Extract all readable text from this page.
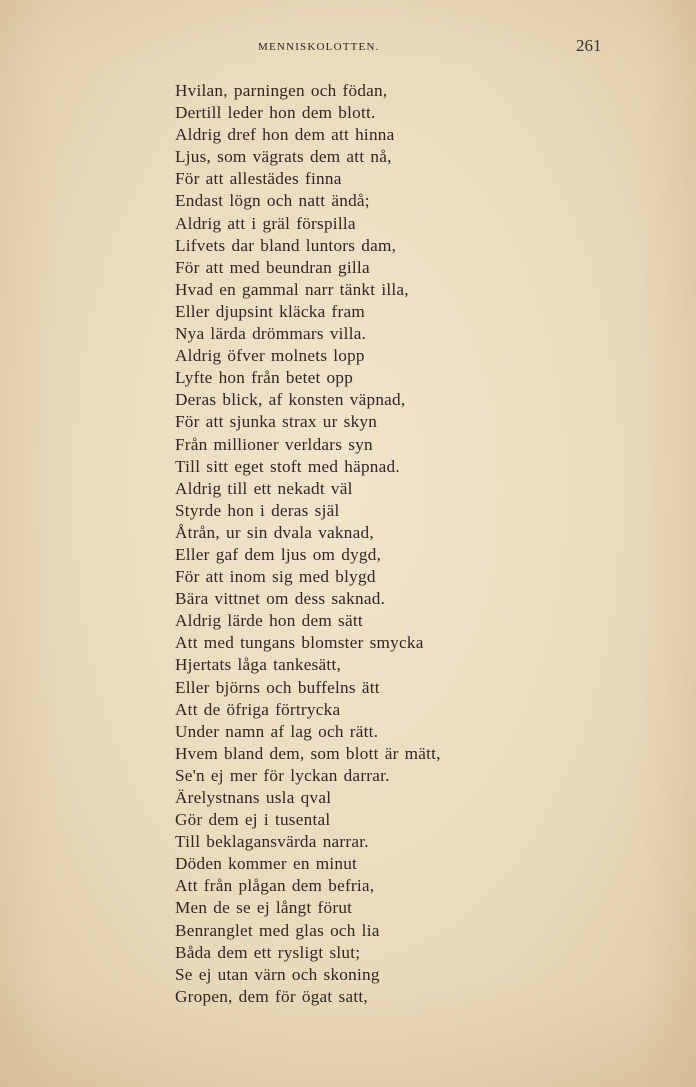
MENNISKOLOTTEN.	261
Hvilan, parningen och födan,
Dertill leder hon dem blott.
Aldrig dref hon dem att hinna
Ljus, som vägrats dem att nå,
För att allestädes finna
Endast lögn och natt ändå;
Aldrig att i gräl förspilla
Lifvets dar bland luntors dam,
För att med beundran gilla
Hvad en gammal narr tänkt illa,
Eller djupsint kläcka fram
Nya lärda drömmars villa.
Aldrig öfver molnets lopp
Lyfte hon från betet opp
Deras blick, af konsten väpnad,
För att sjunka strax ur skyn
Från millioner verldars syn
Till sitt eget stoft med häpnad.
Aldrig till ett nekadt väl
Styrde hon i deras själ
Åtrån, ur sin dvala vaknad,
Eller gaf dem ljus om dygd,
För att inom sig med blygd
Bära vittnet om dess saknad.
Aldrig lärde hon dem sätt
Att med tungans blomster smycka
Hjertats låga tankesätt,
Eller björns och buffelns ätt
Att de öfriga förtrycka
Under namn af lag och rätt.
Hvem bland dem, som blott är mätt,
Se'n ej mer för lyckan darrar.
Ärelystnans usla qval
Gör dem ej i tusental
Till beklagansvärda narrar.
Döden kommer en minut
Att från plågan dem befria,
Men de se ej långt förut
Benranglet med glas och lia
Båda dem ett rysligt slut;
Se ej utan värn och skoning
Gropen, dem för ögat satt,
